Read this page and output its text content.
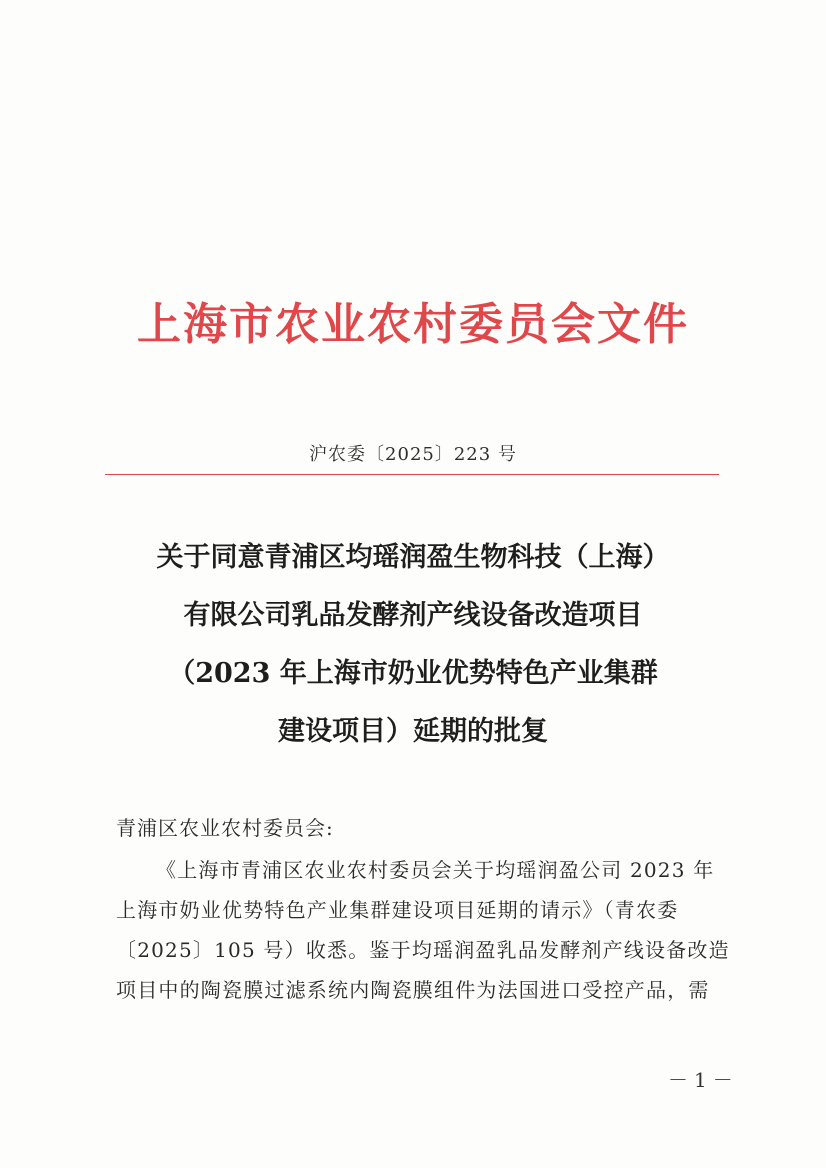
上海市农业农村委员会文件
沪农委〔2025〕223 号
关于同意青浦区均瑶润盈生物科技（上海）
有限公司乳品发酵剂产线设备改造项目
（2023 年上海市奶业优势特色产业集群
建设项目）延期的批复
青浦区农业农村委员会:
《上海市青浦区农业农村委员会关于均瑶润盈公司 2023 年
上海市奶业优势特色产业集群建设项目延期的请示》（青农委
〔2025〕105 号）收悉。鉴于均瑶润盈乳品发酵剂产线设备改造
项目中的陶瓷膜过滤系统内陶瓷膜组件为法国进口受控产品，需
－1－
